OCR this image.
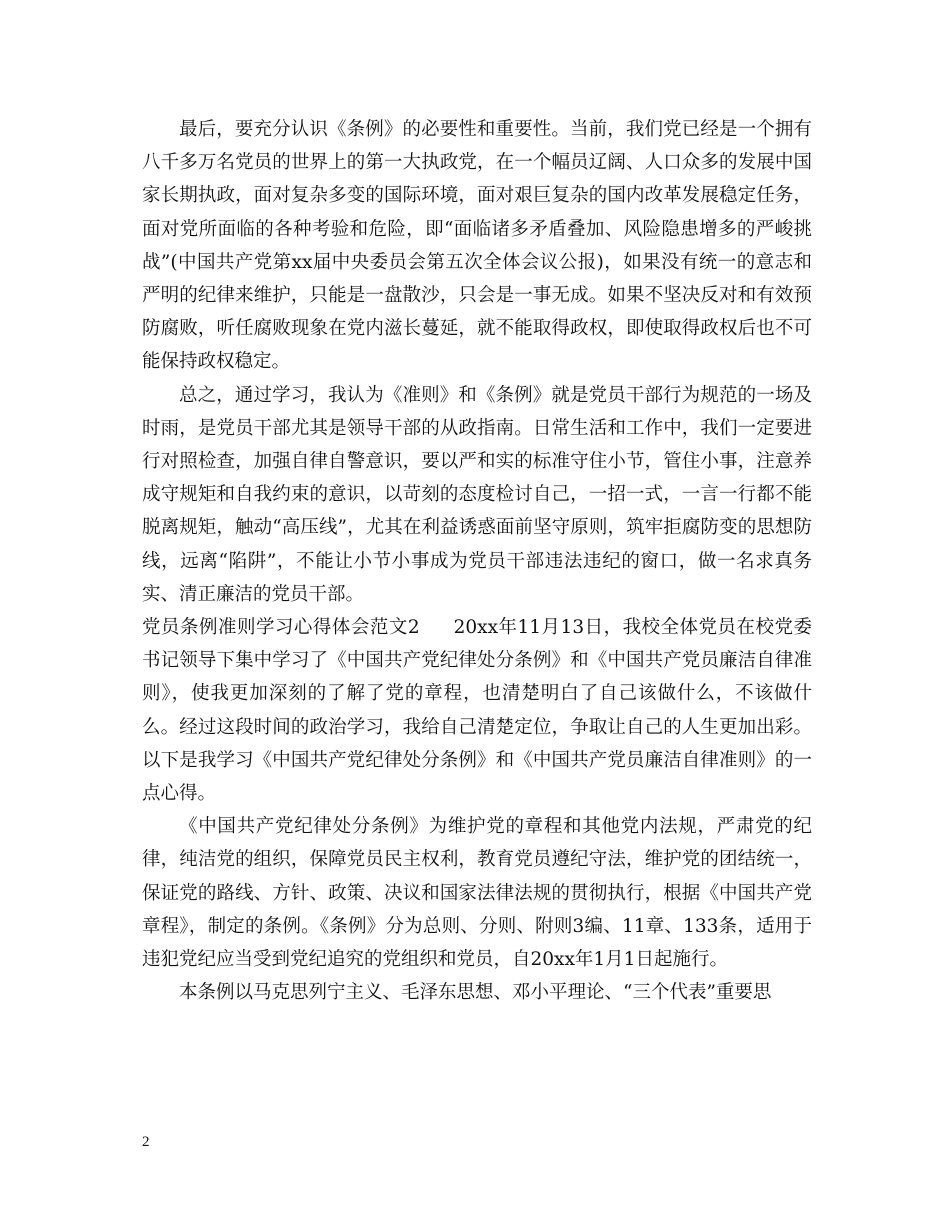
最后，要充分认识《条例》的必要性和重要性。当前，我们党已经是一个拥有八千多万名党员的世界上的第一大执政党，在一个幅员辽阔、人口众多的发展中国家长期执政，面对复杂多变的国际环境，面对艰巨复杂的国内改革发展稳定任务，面对党所面临的各种考验和危险，即“面临诸多矛盾叠加、风险隐患增多的严峻挑战”(中国共产党第xx届中央委员会第五次全体会议公报)，如果没有统一的意志和严明的纪律来维护，只能是一盘散沙，只会是一事无成。如果不坚决反对和有效预防腐败，听任腐败现象在党内滋长蔓延，就不能取得政权，即使取得政权后也不可能保持政权稳定。

总之，通过学习，我认为《准则》和《条例》就是党员干部行为规范的一场及时雨，是党员干部尤其是领导干部的从政指南。日常生活和工作中，我们一定要进行对照检查，加强自律自警意识，要以严和实的标准守住小节，管住小事，注意养成守规矩和自我约束的意识，以苛刻的态度检讨自己，一招一式，一言一行都不能脱离规矩，触动“高压线”，尤其在利益诱惑面前坚守原则，筑牢拒腐防变的思想防线，远离“陷阱”，不能让小节小事成为党员干部违法违纪的窗口，做一名求真务实、清正廉洁的党员干部。

党员条例准则学习心得体会范文2 20xx年11月13日，我校全体党员在校党委书记领导下集中学习了《中国共产党纪律处分条例》和《中国共产党员廉洁自律准则》，使我更加深刻的了解了党的章程，也清楚明白了自己该做什么，不该做什么。经过这段时间的政治学习，我给自己清楚定位，争取让自己的人生更加出彩。以下是我学习《中国共产党纪律处分条例》和《中国共产党员廉洁自律准则》的一点心得。

《中国共产党纪律处分条例》为维护党的章程和其他党内法规，严肃党的纪律，纯洁党的组织，保障党员民主权利，教育党员遵纪守法，维护党的团结统一，保证党的路线、方针、政策、决议和国家法律法规的贯彻执行，根据《中国共产党章程》，制定的条例。《条例》分为总则、分则、附则3编、11章、133条，适用于违犯党纪应当受到党纪追究的党组织和党员，自20xx年1月1日起施行。

本条例以马克思列宁主义、毛泽东思想、邓小平理论、“三个代表”重要思

2
